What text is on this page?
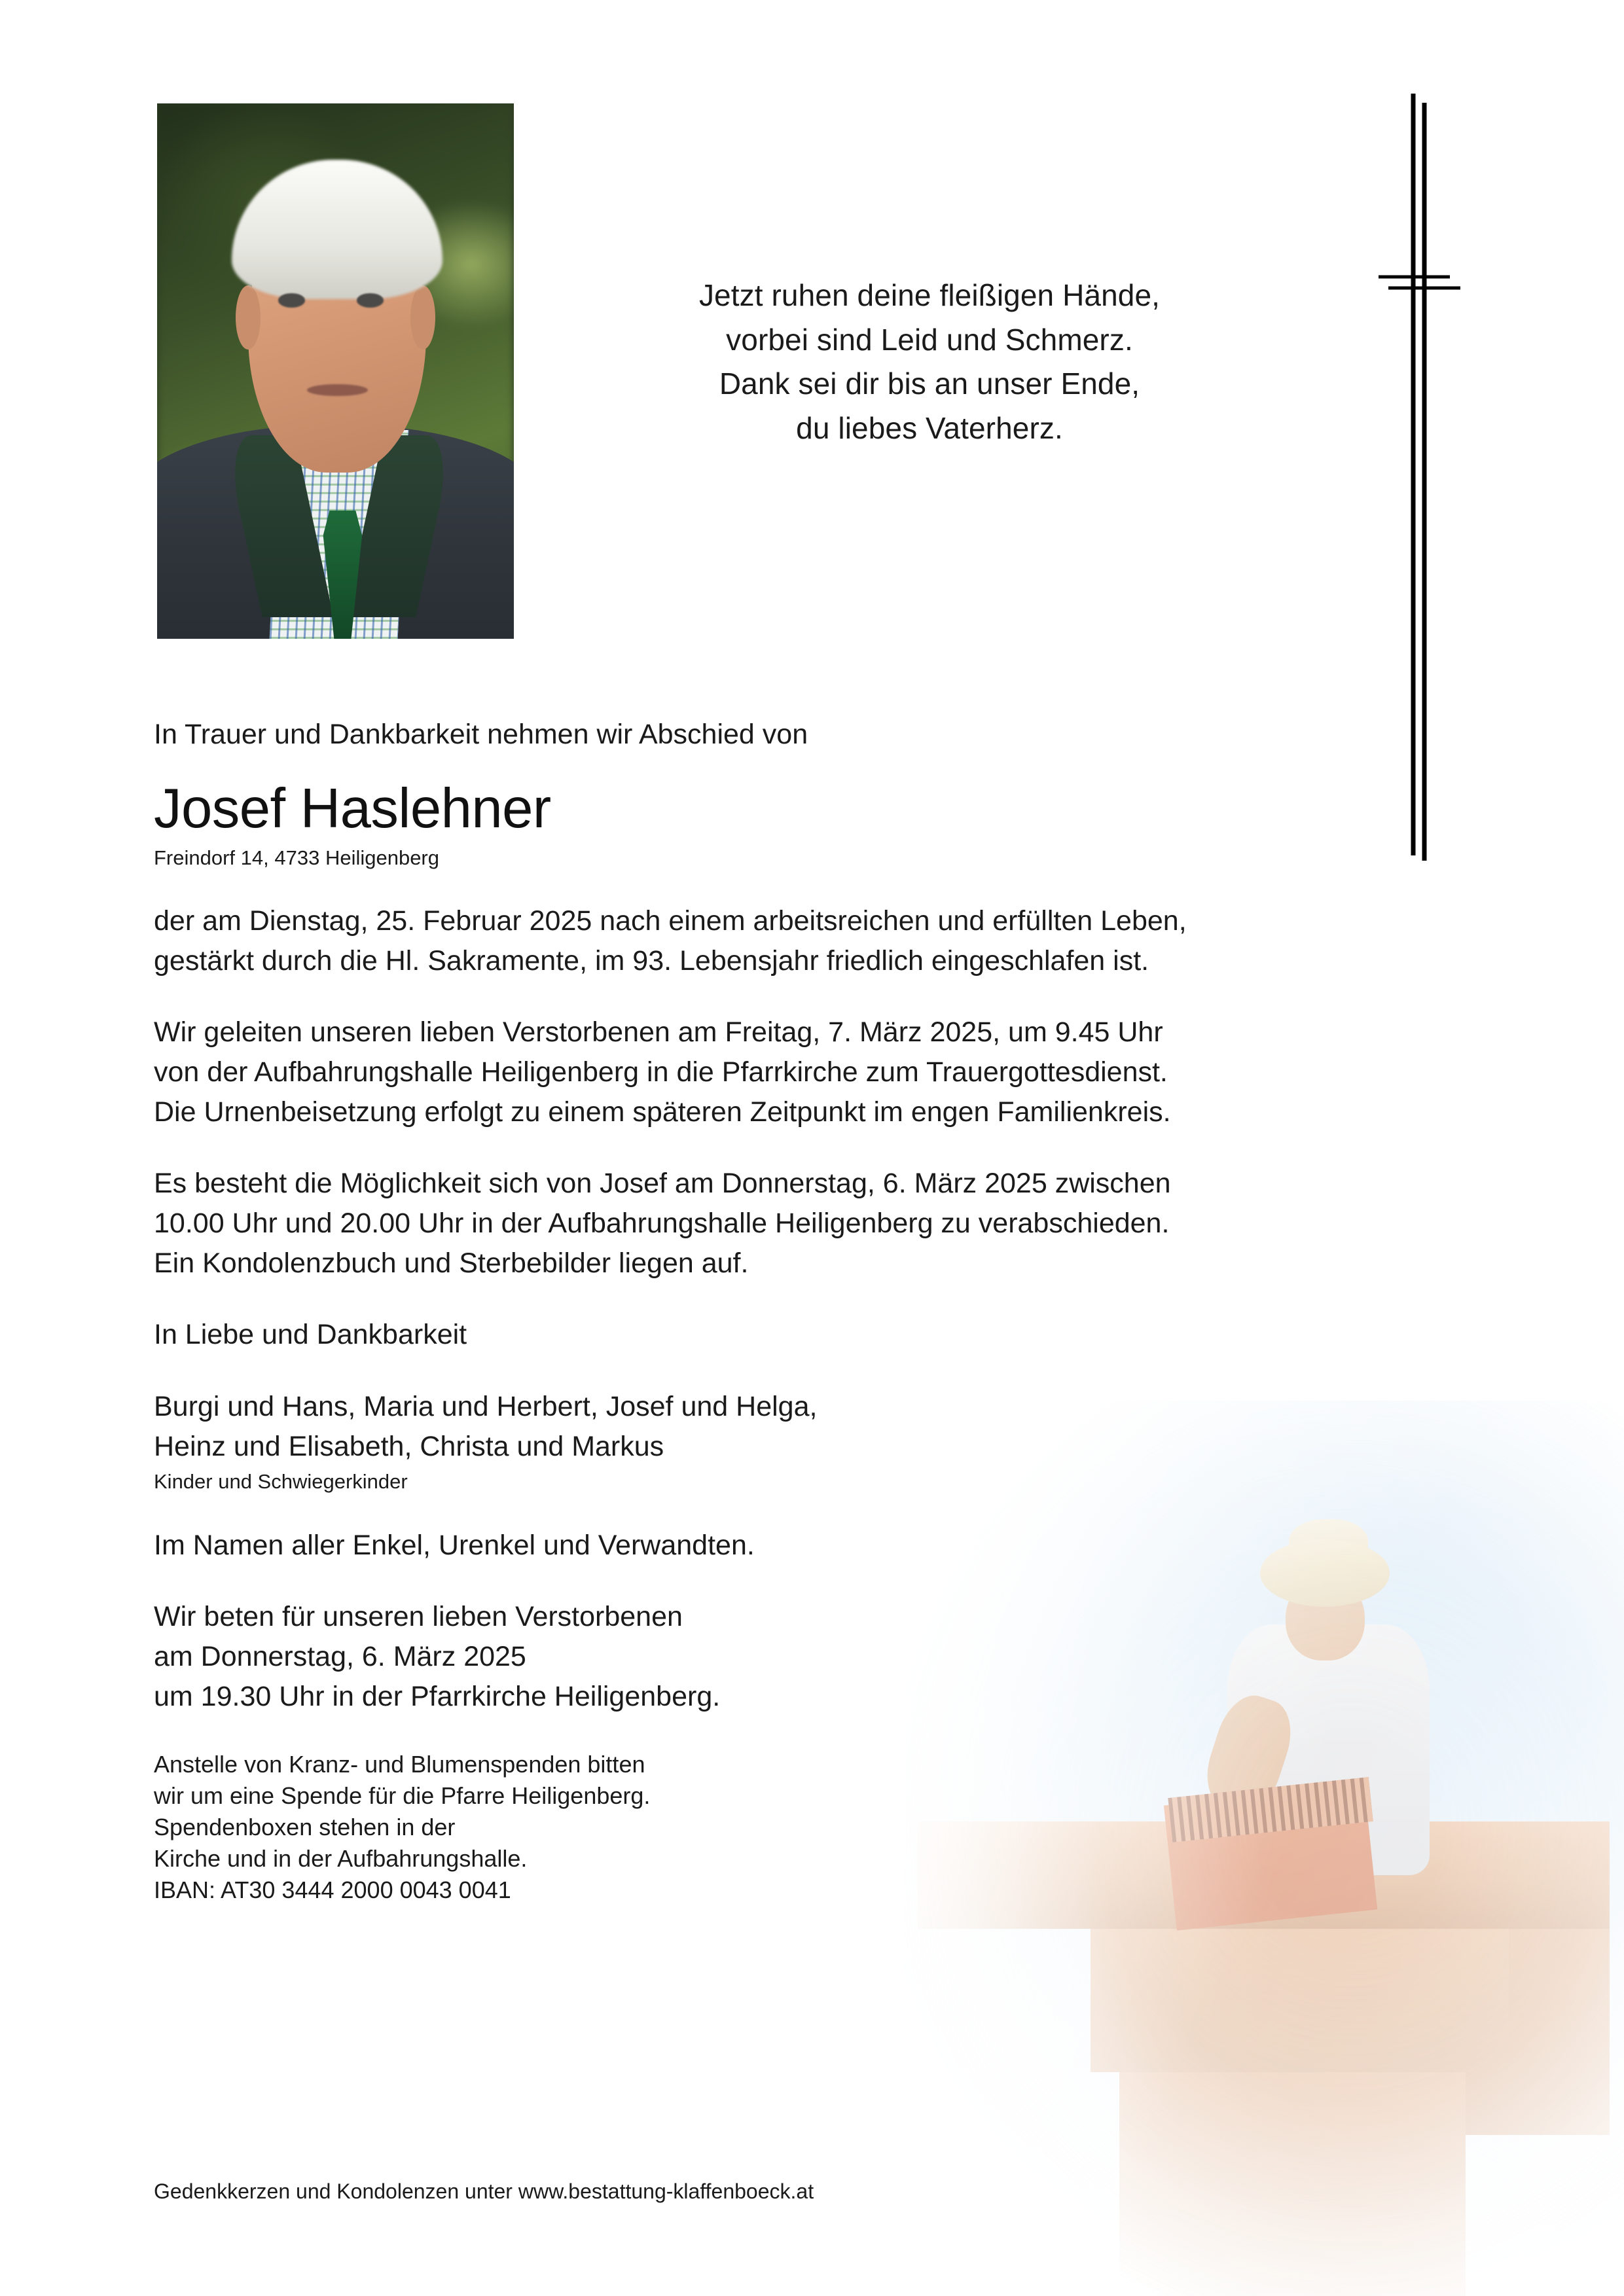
Jetzt ruhen deine fleißigen Hände,
vorbei sind Leid und Schmerz.
Dank sei dir bis an unser Ende,
du liebes Vaterherz.
In Trauer und Dankbarkeit nehmen wir Abschied von
Josef Haslehner
Freindorf 14, 4733 Heiligenberg
der am Dienstag, 25. Februar 2025 nach einem arbeitsreichen und erfüllten Leben,
gestärkt durch die Hl. Sakramente, im 93. Lebensjahr friedlich eingeschlafen ist.
Wir geleiten unseren lieben Verstorbenen am Freitag, 7. März 2025, um 9.45 Uhr
von der Aufbahrungshalle Heiligenberg in die Pfarrkirche zum Trauergottesdienst.
Die Urnenbeisetzung erfolgt zu einem späteren Zeitpunkt im engen Familienkreis.
Es besteht die Möglichkeit sich von Josef am Donnerstag, 6. März 2025 zwischen
10.00 Uhr und 20.00 Uhr in der Aufbahrungshalle Heiligenberg zu verabschieden.
Ein Kondolenzbuch und Sterbebilder liegen auf.
In Liebe und Dankbarkeit
Burgi und Hans, Maria und Herbert, Josef und Helga,
Heinz und Elisabeth, Christa und Markus
Kinder und Schwiegerkinder
Im Namen aller Enkel, Urenkel und Verwandten.
Wir beten für unseren lieben Verstorbenen
am Donnerstag, 6. März 2025
um 19.30 Uhr in der Pfarrkirche Heiligenberg.
Anstelle von Kranz- und Blumenspenden bitten
wir um eine Spende für die Pfarre Heiligenberg.
Spendenboxen stehen in der
Kirche und in der Aufbahrungshalle.
IBAN: AT30 3444 2000 0043 0041
Gedenkkerzen und Kondolenzen unter www.bestattung-klaffenboeck.at
